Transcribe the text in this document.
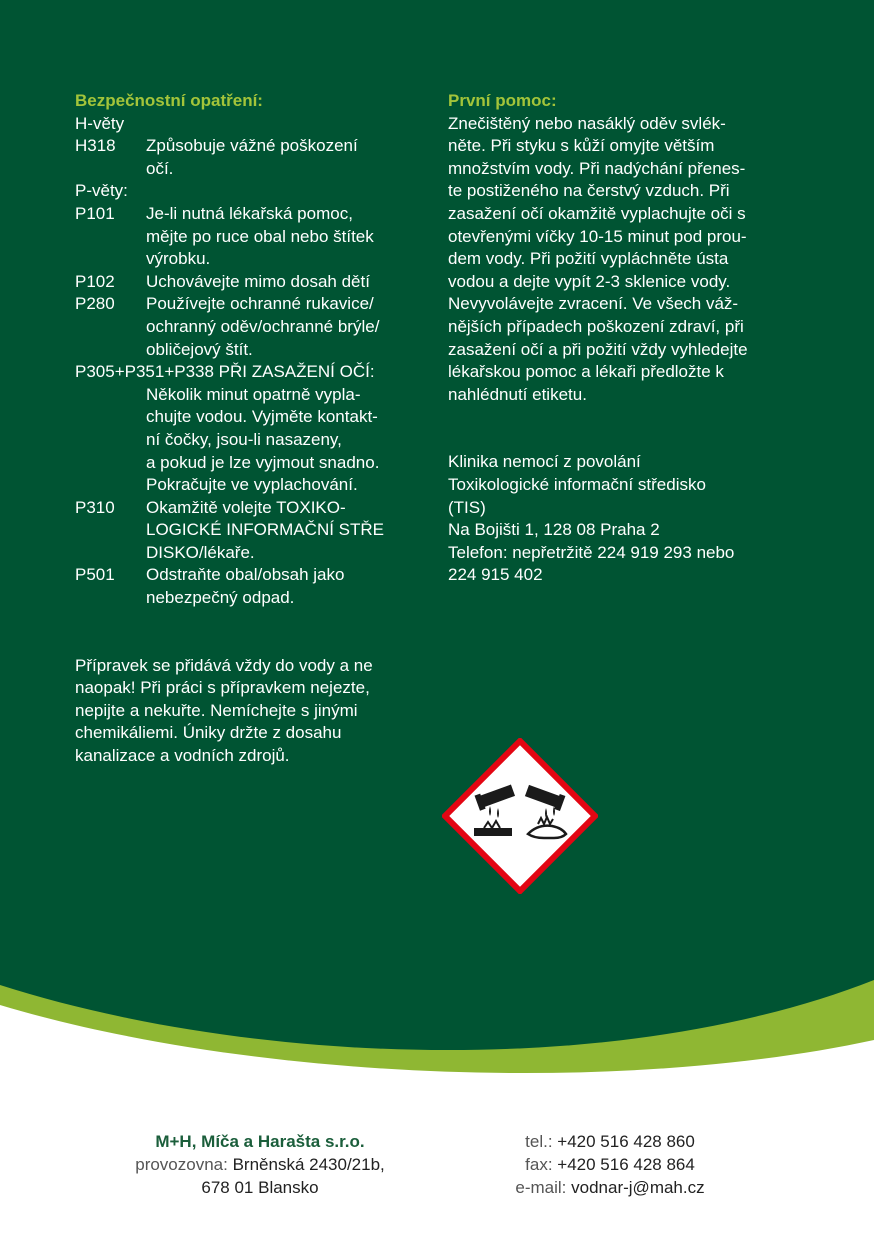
Bezpečnostní opatření:
H-věty
H318	Způsobuje vážné poškození
očí.
P-věty:
P101	Je-li nutná lékařská pomoc,
mějte po ruce obal nebo štítek
výrobku.
P102	Uchovávejte mimo dosah dětí
P280	Používejte ochranné rukavice/
ochranný oděv/ochranné brýle/
obličejový štít.
P305+P351+P338 PŘI ZASAŽENÍ OČÍ:
Několik minut opatrně vypla-
chujte vodou. Vyjměte kontakt-
ní čočky, jsou-li nasazeny,
a pokud je lze vyjmout snadno.
Pokračujte ve vyplachování.
P310	Okamžitě volejte TOXIKO-
LOGICKÉ INFORMAČNÍ STŘE
DISKO/lékaře.
P501	Odstraňte obal/obsah jako
nebezpečný odpad.
Přípravek se přidává vždy do vody a ne
naopak! Při práci s přípravkem nejezte,
nepijte a nekuřte. Nemíchejte s jinými
chemikáliemi. Úniky držte z dosahu
kanalizace a vodních zdrojů.
První pomoc:
Znečištěný nebo nasáklý oděv svlék-
něte. Při styku s kůží omyjte větším
množstvím vody. Při nadýchání přenes-
te postiženého na čerstvý vzduch. Při
zasažení očí okamžitě vyplachujte oči s
otevřenými víčky 10-15 minut pod prou-
dem vody. Při požití vypláchněte ústa
vodou a dejte vypít 2-3 sklenice vody.
Nevyvolávejte zvracení. Ve všech váž-
nějších případech poškození zdraví, při
zasažení očí a při požití vždy vyhledejte
lékařskou pomoc a lékaři předložte k
nahlédnutí etiketu.
Klinika nemocí z povolání
Toxikologické informační středisko
(TIS)
Na Bojišti 1, 128 08 Praha 2
Telefon: nepřetržitě 224 919 293 nebo
224 915 402
M+H, Míča a Harašta s.r.o.
provozovna: Brněnská 2430/21b,
678 01 Blansko
tel.: +420 516 428 860
fax: +420 516 428 864
e-mail: vodnar-j@mah.cz
